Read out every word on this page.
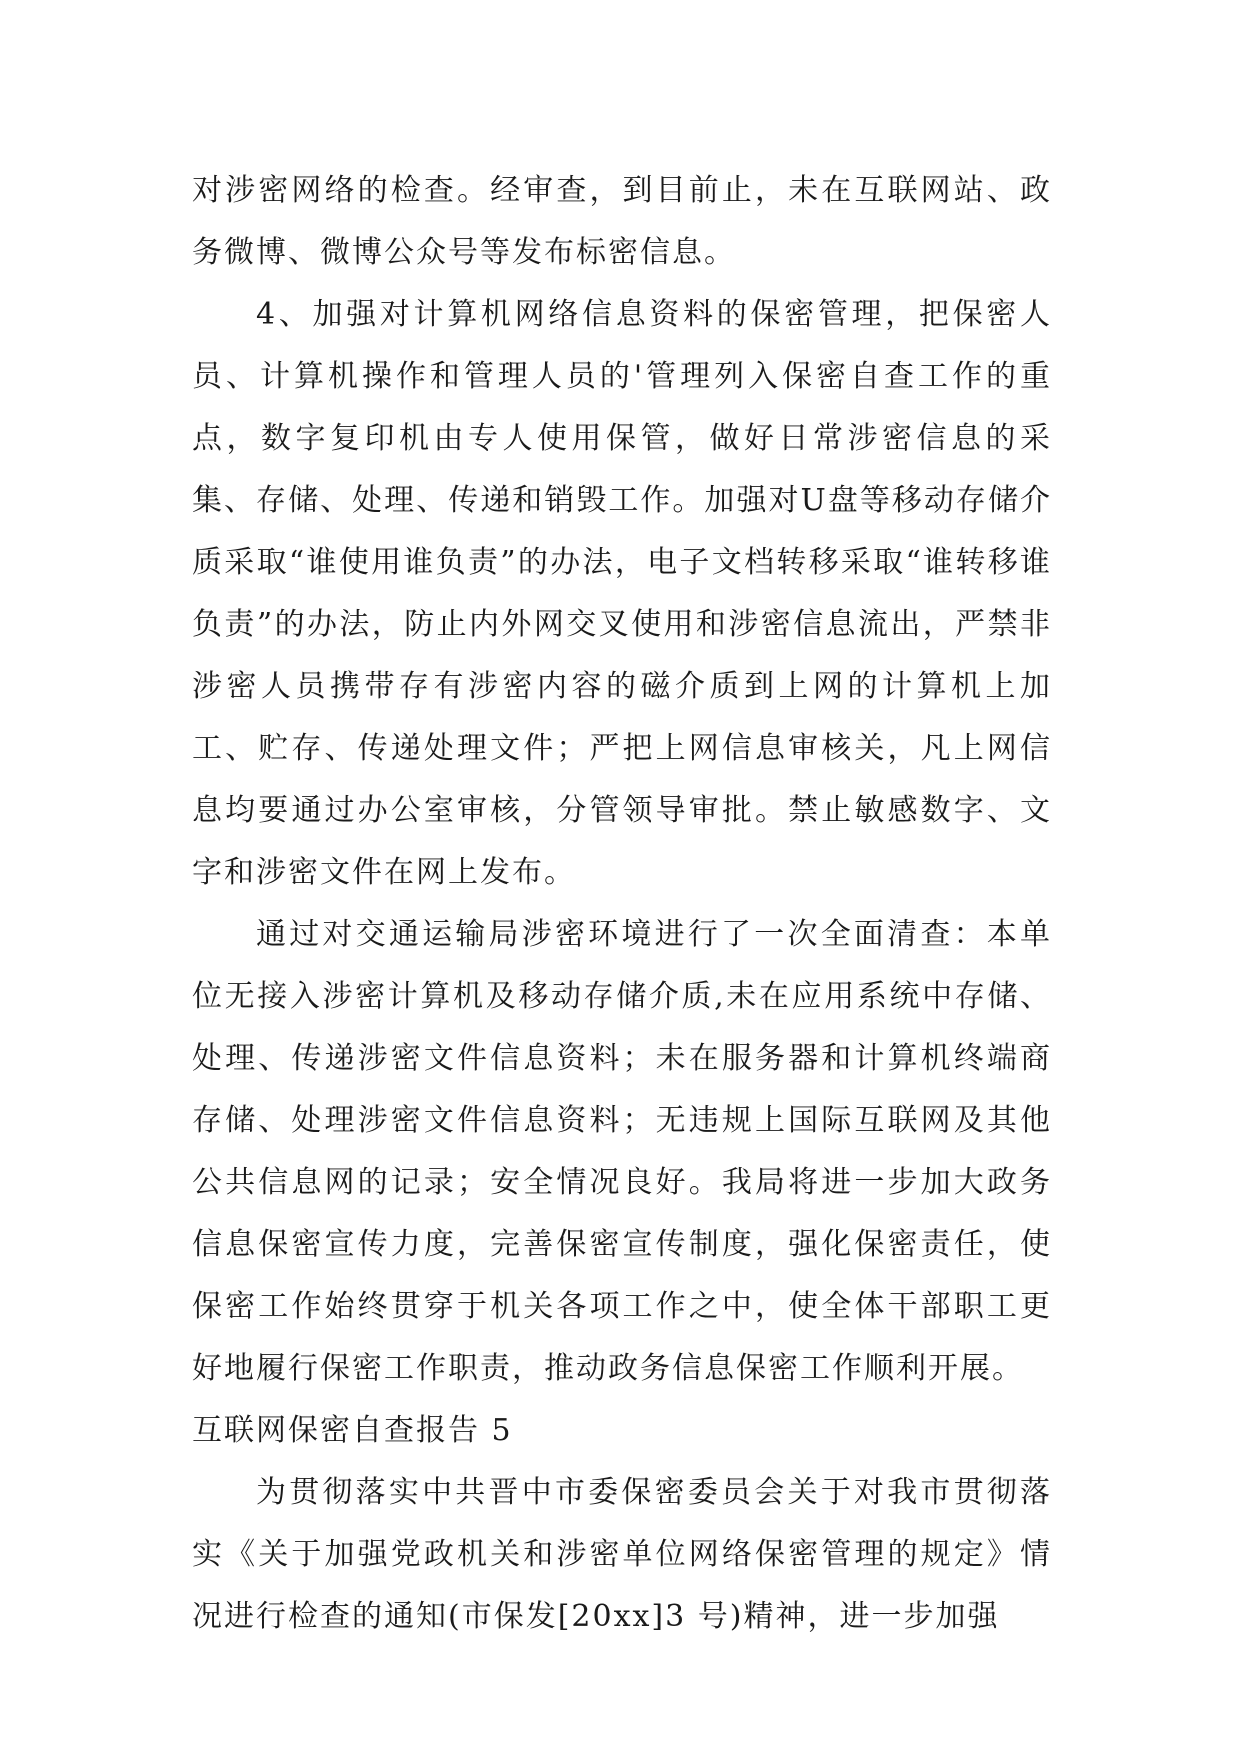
对涉密网络的检查。经审查，到目前止，未在互联网站、政务微博、微博公众号等发布标密信息。

4、加强对计算机网络信息资料的保密管理，把保密人员、计算机操作和管理人员的'管理列入保密自查工作的重点，数字复印机由专人使用保管，做好日常涉密信息的采集、存储、处理、传递和销毁工作。加强对U盘等移动存储介质采取“谁使用谁负责”的办法，电子文档转移采取“谁转移谁负责”的办法，防止内外网交叉使用和涉密信息流出，严禁非涉密人员携带存有涉密内容的磁介质到上网的计算机上加工、贮存、传递处理文件；严把上网信息审核关，凡上网信息均要通过办公室审核，分管领导审批。禁止敏感数字、文字和涉密文件在网上发布。

通过对交通运输局涉密环境进行了一次全面清查：本单位无接入涉密计算机及移动存储介质,未在应用系统中存储、处理、传递涉密文件信息资料；未在服务器和计算机终端商存储、处理涉密文件信息资料；无违规上国际互联网及其他公共信息网的记录；安全情况良好。我局将进一步加大政务信息保密宣传力度，完善保密宣传制度，强化保密责任，使保密工作始终贯穿于机关各项工作之中，使全体干部职工更好地履行保密工作职责，推动政务信息保密工作顺利开展。

互联网保密自查报告 5

为贯彻落实中共晋中市委保密委员会关于对我市贯彻落实《关于加强党政机关和涉密单位网络保密管理的规定》情况进行检查的通知(市保发[20xx]3 号)精神，进一步加强
